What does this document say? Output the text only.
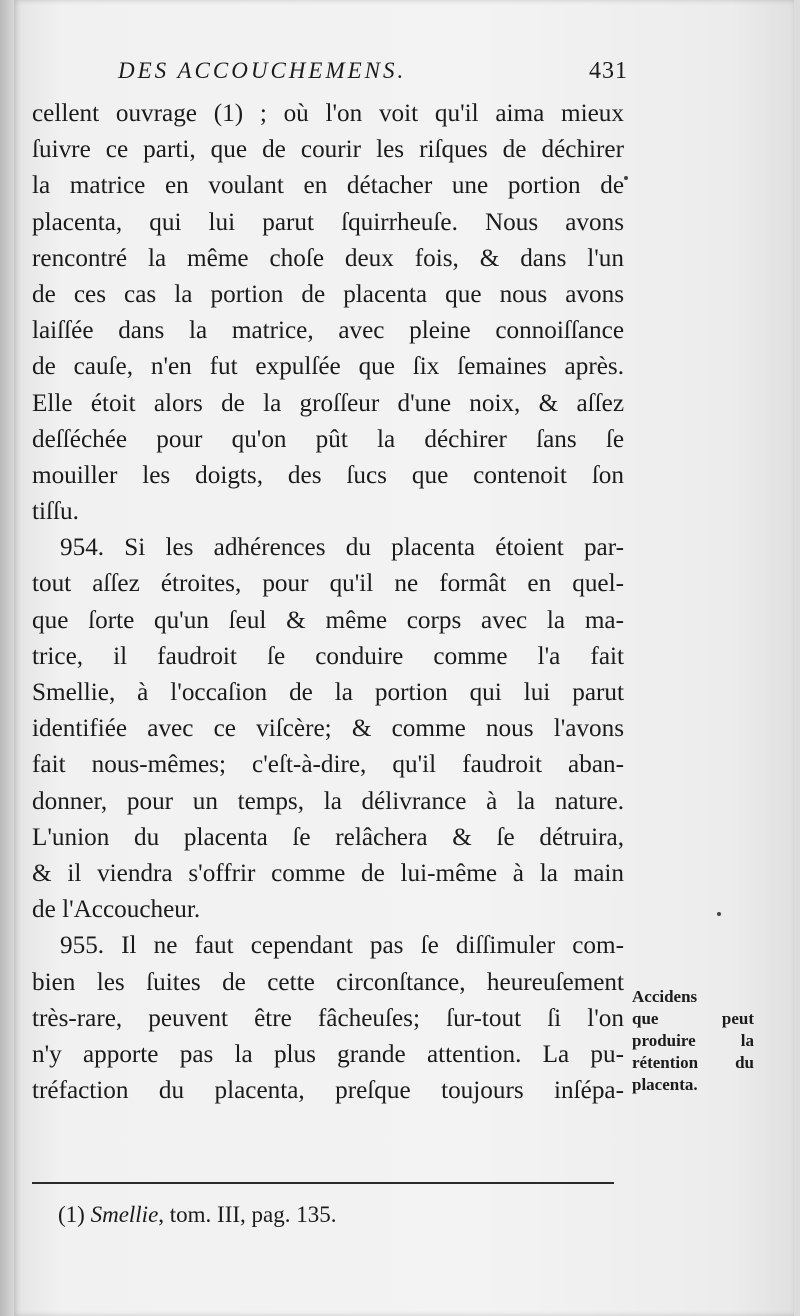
DES ACCOUCHEMENS.	431
cellent ouvrage (1) ; où l'on voit qu'il aima mieux
ſuivre ce parti, que de courir les riſques de déchirer
la matrice en voulant en détacher une portion de
placenta, qui lui parut ſquirrheuſe. Nous avons
rencontré la même choſe deux fois, & dans l'un
de ces cas la portion de placenta que nous avons
laiſſée dans la matrice, avec pleine connoiſſance
de cauſe, n'en fut expulſée que ſix ſemaines après.
Elle étoit alors de la groſſeur d'une noix, & aſſez
deſſéchée pour qu'on pût la déchirer ſans ſe
mouiller les doigts, des ſucs que contenoit ſon
tiſſu.
954. Si les adhérences du placenta étoient par-
tout aſſez étroites, pour qu'il ne formât en quel-
que ſorte qu'un ſeul & même corps avec la ma-
trice, il faudroit ſe conduire comme l'a fait
Smellie, à l'occaſion de la portion qui lui parut
identifiée avec ce viſcère; & comme nous l'avons
fait nous-mêmes; c'eſt-à-dire, qu'il faudroit aban-
donner, pour un temps, la délivrance à la nature.
L'union du placenta ſe relâchera & ſe détruira,
& il viendra s'offrir comme de lui-même à la main
de l'Accoucheur.
955. Il ne faut cependant pas ſe diſſimuler com-
bien les ſuites de cette circonſtance, heureuſement
très-rare, peuvent être fâcheuſes; ſur-tout ſi l'on
n'y apporte pas la plus grande attention. La pu-
tréfaction du placenta, preſque toujours inſépa-
Accidens
que peut
produire la
rétention du
placenta.
(1) Smellie, tom. III, pag. 135.
